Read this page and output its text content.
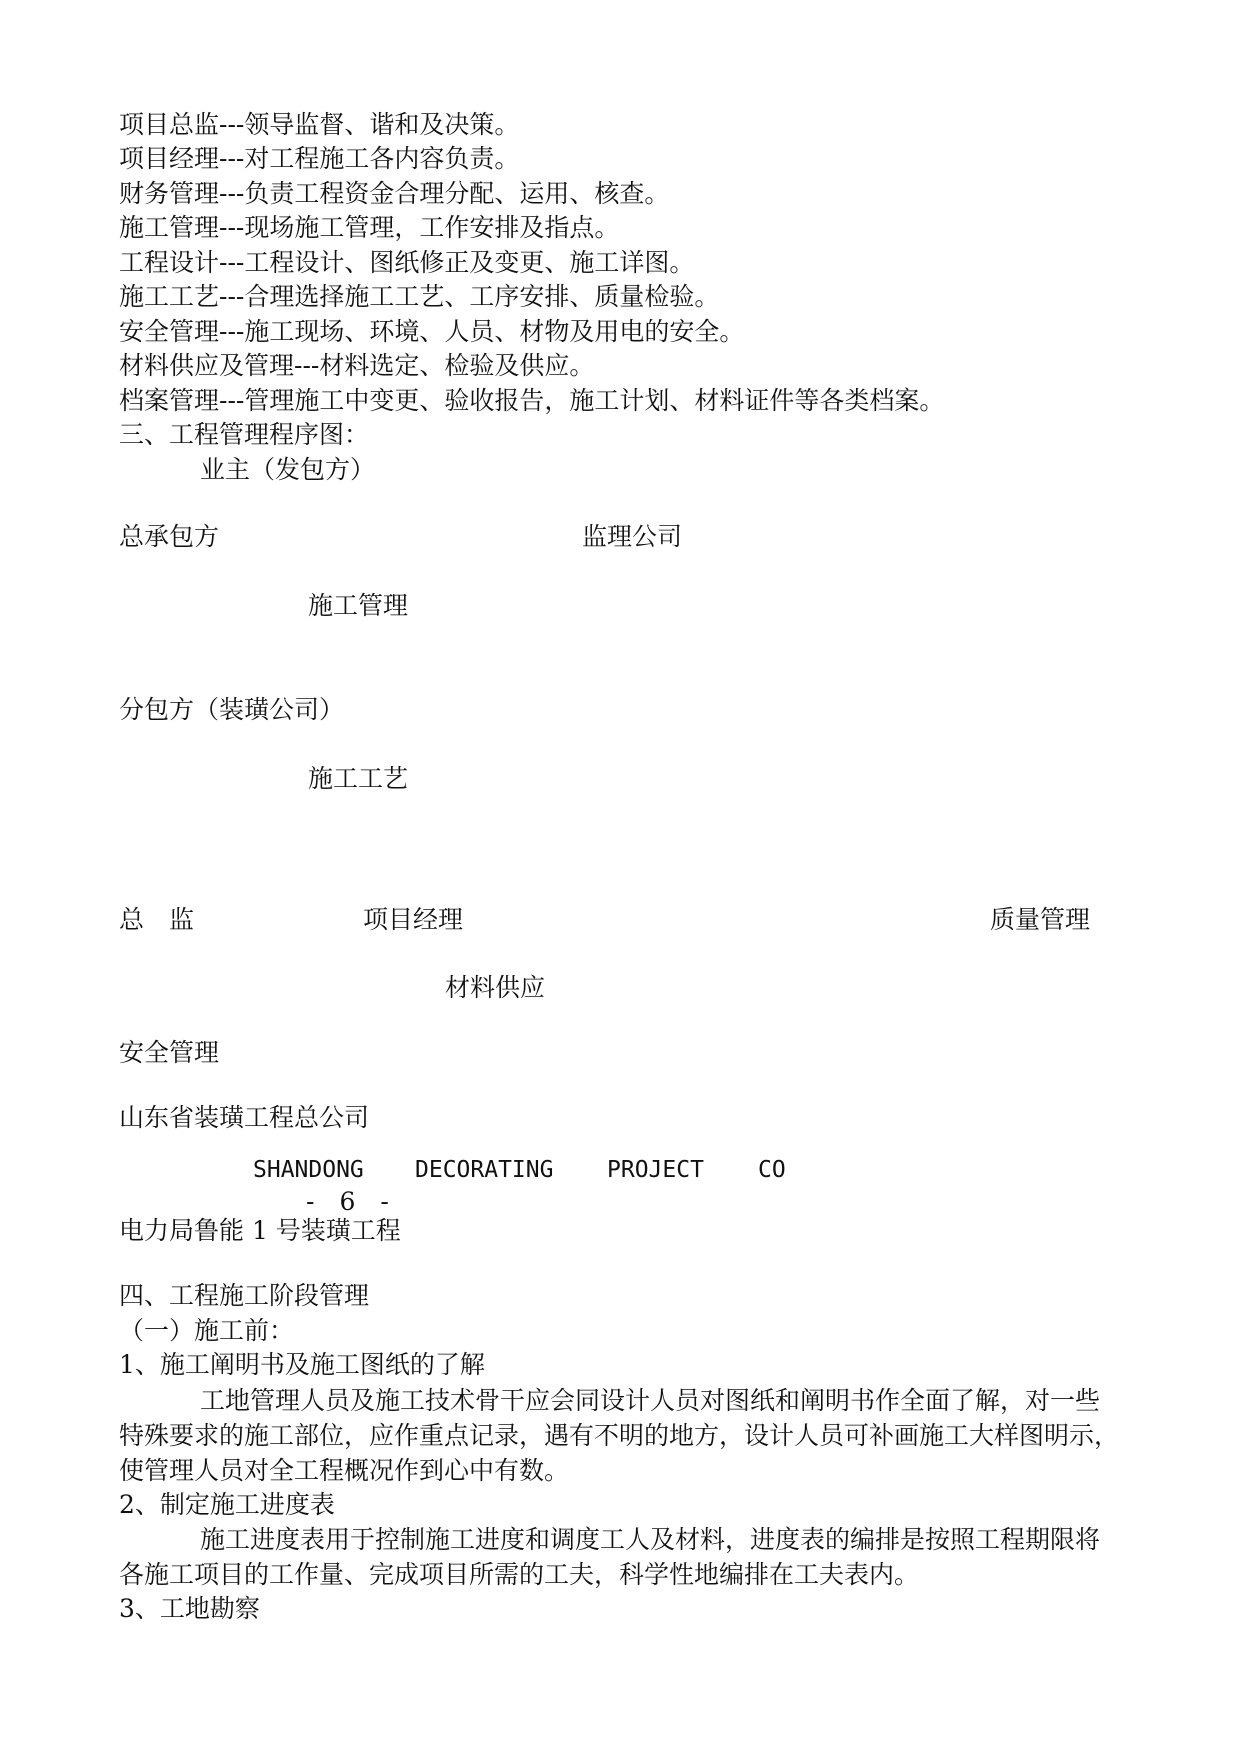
项目总监---领导监督、谐和及决策。
项目经理---对工程施工各内容负责。
财务管理---负责工程资金合理分配、运用、核查。
施工管理---现场施工管理，工作安排及指点。
工程设计---工程设计、图纸修正及变更、施工详图。
施工工艺---合理选择施工工艺、工序安排、质量检验。
安全管理---施工现场、环境、人员、材物及用电的安全。
材料供应及管理---材料选定、检验及供应。
档案管理---管理施工中变更、验收报告，施工计划、材料证件等各类档案。
三、工程管理程序图：
业主（发包方）
总承包方	监理公司
施工管理
分包方（装璜公司）
施工工艺
总　监	项目经理	质量管理
材料供应
安全管理
山东省装璜工程总公司
SHANDONG DECORATING PROJECT CO
-　6　-
电力局鲁能 1 号装璜工程
四、工程施工阶段管理
（一）施工前：
1、施工阐明书及施工图纸的了解

工地管理人员及施工技术骨干应会同设计人员对图纸和阐明书作全面了解，对一些特殊要求的施工部位，应作重点记录，遇有不明的地方，设计人员可补画施工大样图明示，使管理人员对全工程概况作到心中有数。

2、制定施工进度表

施工进度表用于控制施工进度和调度工人及材料，进度表的编排是按照工程期限将各施工项目的工作量、完成项目所需的工夫，科学性地编排在工夫表内。

3、工地勘察
